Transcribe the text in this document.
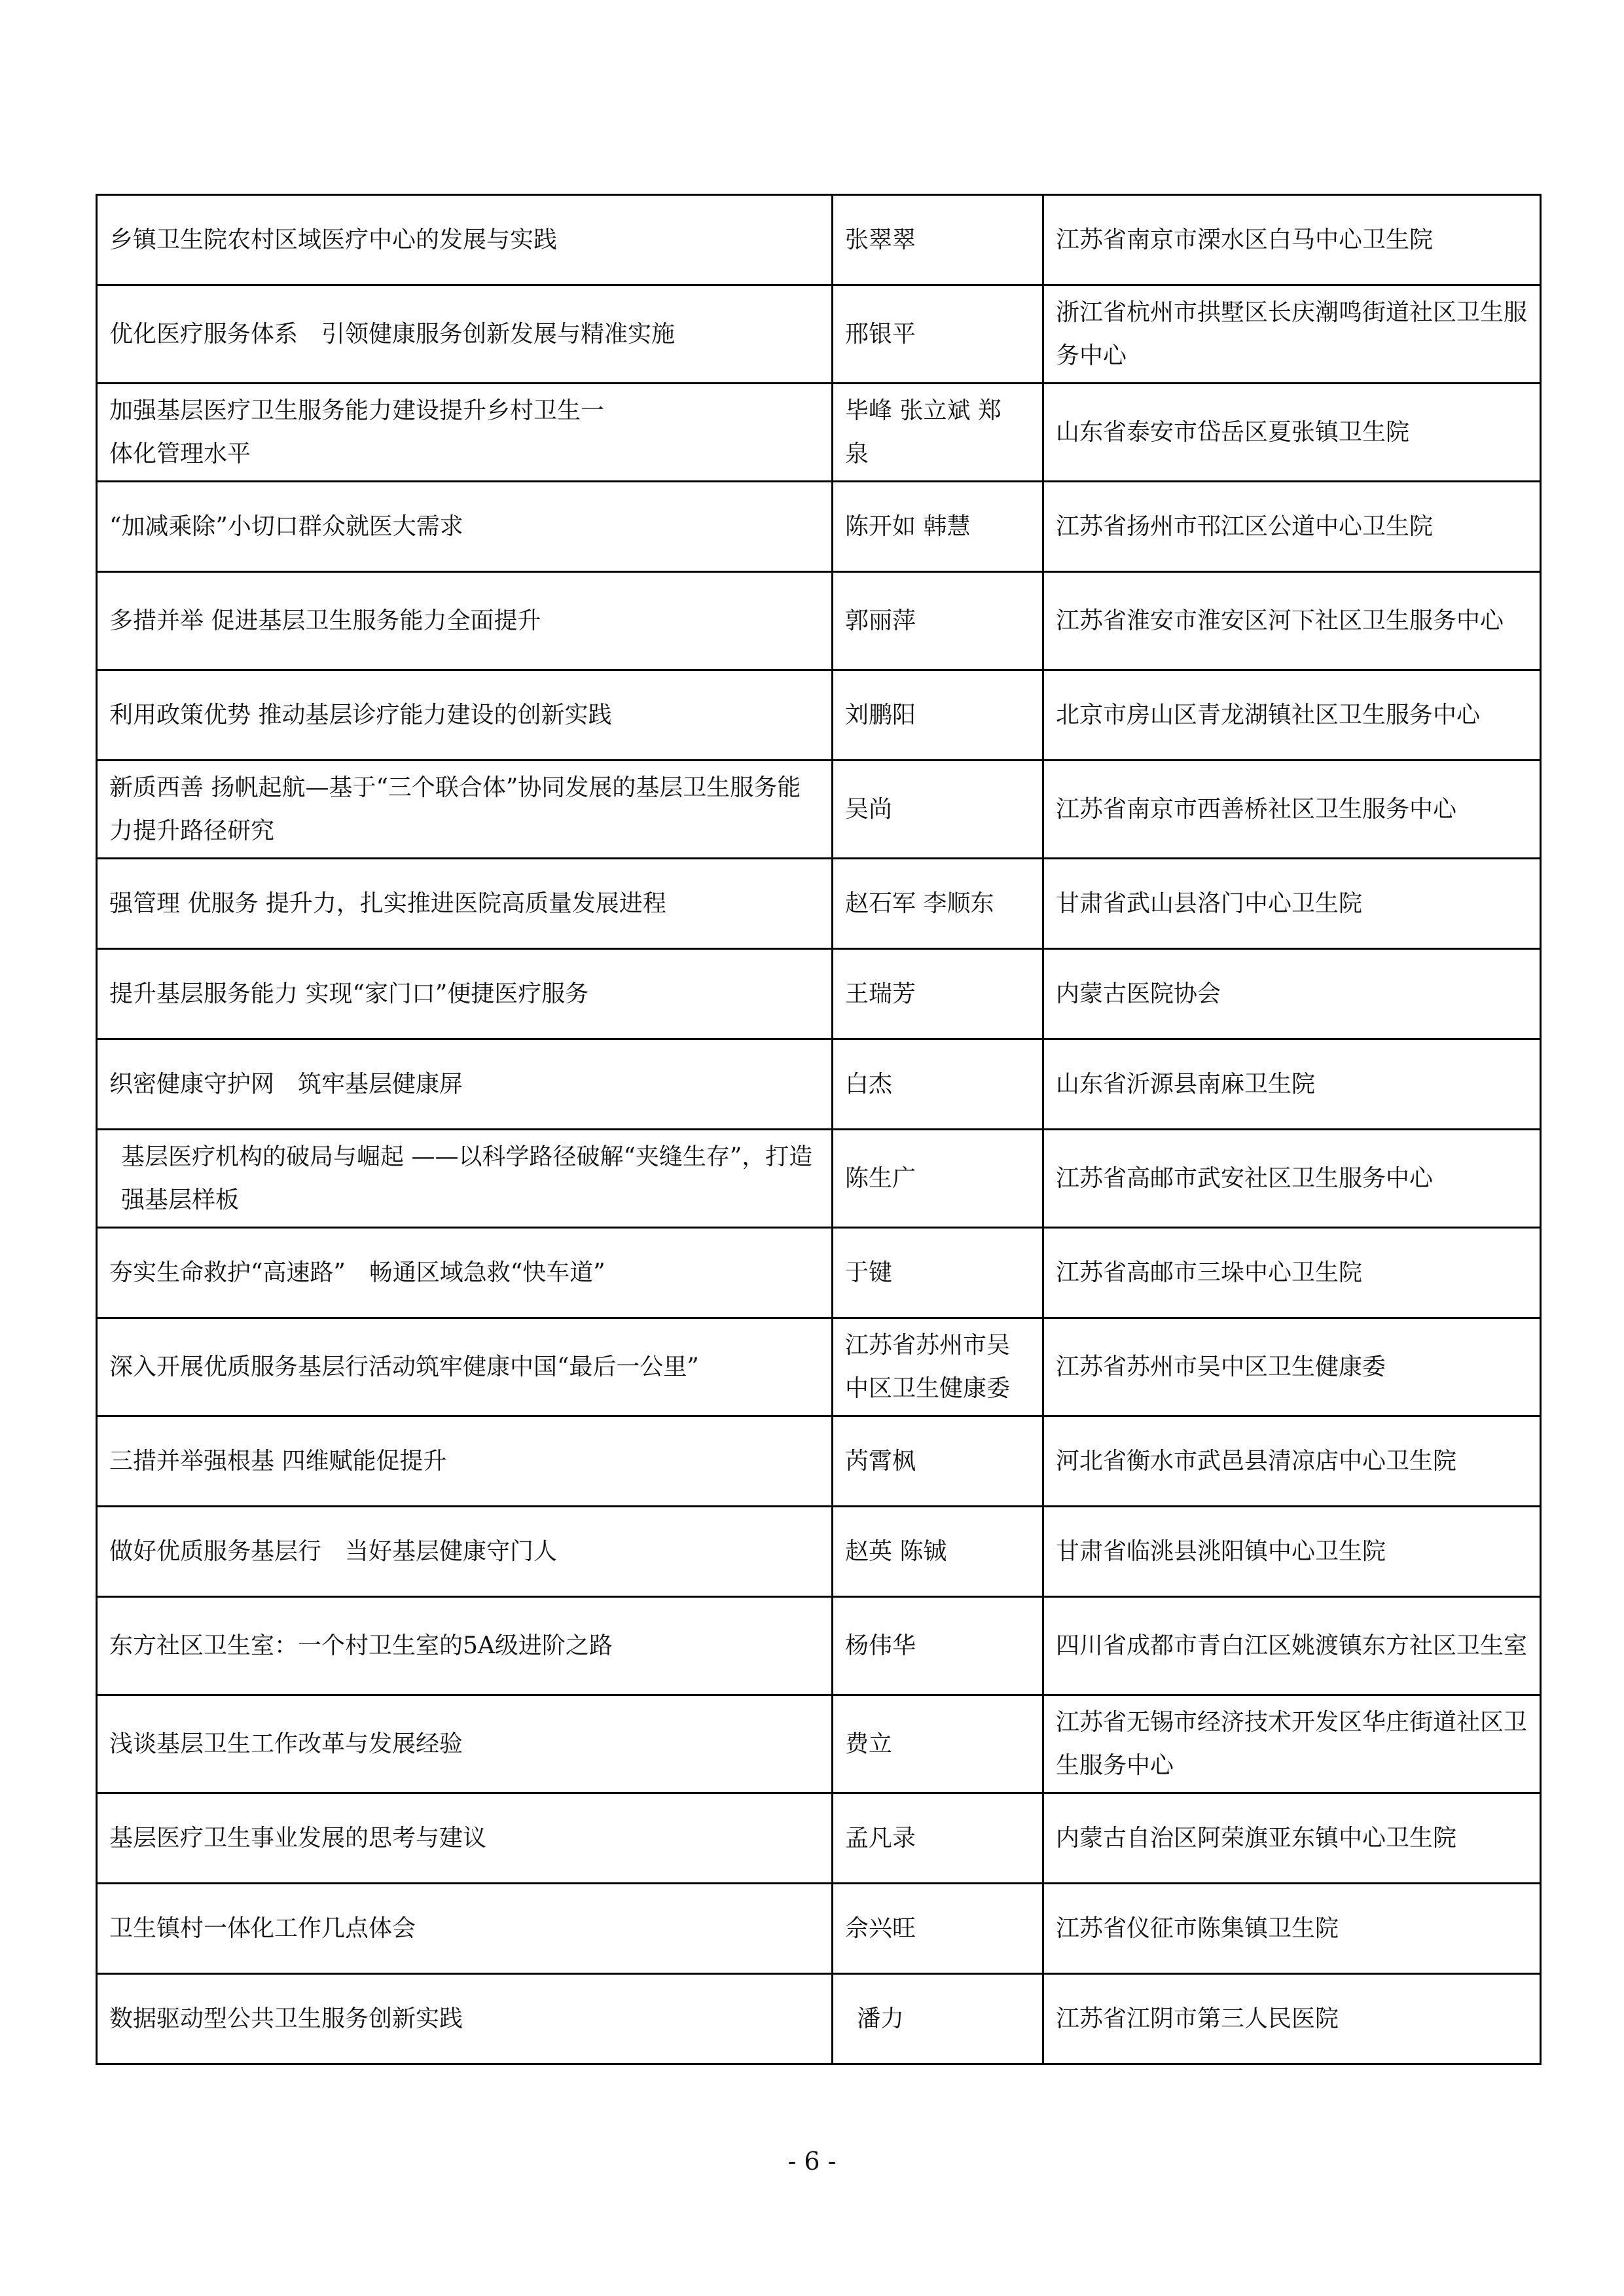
乡镇卫生院农村区域医疗中心的发展与实践	张翠翠	江苏省南京市溧水区白马中心卫生院
优化医疗服务体系　引领健康服务创新发展与精准实施	邢银平	浙江省杭州市拱墅区长庆潮鸣街道社区卫生服务中心
加强基层医疗卫生服务能力建设提升乡村卫生一体化管理水平	毕峰 张立斌 郑泉	山东省泰安市岱岳区夏张镇卫生院
“加减乘除”小切口群众就医大需求	陈开如 韩慧	江苏省扬州市邗江区公道中心卫生院
多措并举 促进基层卫生服务能力全面提升	郭丽萍	江苏省淮安市淮安区河下社区卫生服务中心
利用政策优势 推动基层诊疗能力建设的创新实践	刘鹏阳	北京市房山区青龙湖镇社区卫生服务中心
新质西善 扬帆起航—基于“三个联合体”协同发展的基层卫生服务能力提升路径研究	吴尚	江苏省南京市西善桥社区卫生服务中心
强管理 优服务 提升力，扎实推进医院高质量发展进程	赵石军 李顺东	甘肃省武山县洛门中心卫生院
提升基层服务能力 实现“家门口”便捷医疗服务	王瑞芳	内蒙古医院协会
织密健康守护网　筑牢基层健康屏	白杰	山东省沂源县南麻卫生院
基层医疗机构的破局与崛起 ——以科学路径破解“夹缝生存”，打造强基层样板	陈生广	江苏省高邮市武安社区卫生服务中心
夯实生命救护“高速路”　畅通区域急救“快车道”	于键	江苏省高邮市三垛中心卫生院
深入开展优质服务基层行活动筑牢健康中国“最后一公里”	江苏省苏州市吴中区卫生健康委	江苏省苏州市吴中区卫生健康委
三措并举强根基 四维赋能促提升	芮霄枫	河北省衡水市武邑县清凉店中心卫生院
做好优质服务基层行　当好基层健康守门人	赵英 陈铖	甘肃省临洮县洮阳镇中心卫生院
东方社区卫生室：一个村卫生室的5A级进阶之路	杨伟华	四川省成都市青白江区姚渡镇东方社区卫生室
浅谈基层卫生工作改革与发展经验	费立	江苏省无锡市经济技术开发区华庄街道社区卫生服务中心
基层医疗卫生事业发展的思考与建议	孟凡录	内蒙古自治区阿荣旗亚东镇中心卫生院
卫生镇村一体化工作几点体会	佘兴旺	江苏省仪征市陈集镇卫生院
数据驱动型公共卫生服务创新实践	潘力	江苏省江阴市第三人民医院
- 6 -
